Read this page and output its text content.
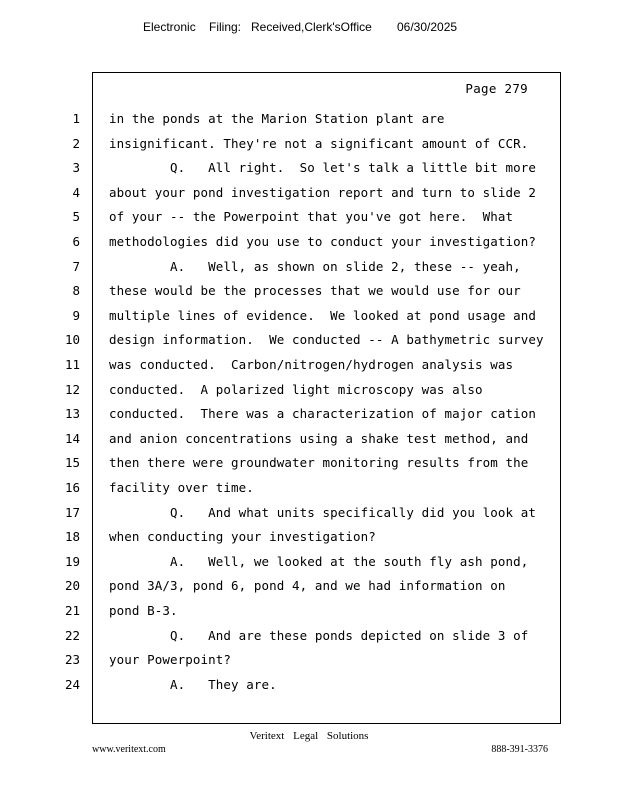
Electronic Filing: Received,Clerk'sOffice 06/30/2025
Page 279
1 in the ponds at the Marion Station plant are
2 insignificant. They're not a significant amount of CCR.
3 Q.   All right.  So let's talk a little bit more
4 about your pond investigation report and turn to slide 2
5 of your -- the Powerpoint that you've got here.  What
6 methodologies did you use to conduct your investigation?
7 A.   Well, as shown on slide 2, these -- yeah,
8 these would be the processes that we would use for our
9 multiple lines of evidence.  We looked at pond usage and
10 design information.  We conducted -- A bathymetric survey
11 was conducted.  Carbon/nitrogen/hydrogen analysis was
12 conducted.  A polarized light microscopy was also
13 conducted.  There was a characterization of major cation
14 and anion concentrations using a shake test method, and
15 then there were groundwater monitoring results from the
16 facility over time.
17 Q.   And what units specifically did you look at
18 when conducting your investigation?
19 A.   Well, we looked at the south fly ash pond,
20 pond 3A/3, pond 6, pond 4, and we had information on
21 pond B-3.
22 Q.   And are these ponds depicted on slide 3 of
23 your Powerpoint?
24 A.   They are.
Veritext Legal Solutions
www.veritext.com	888-391-3376
